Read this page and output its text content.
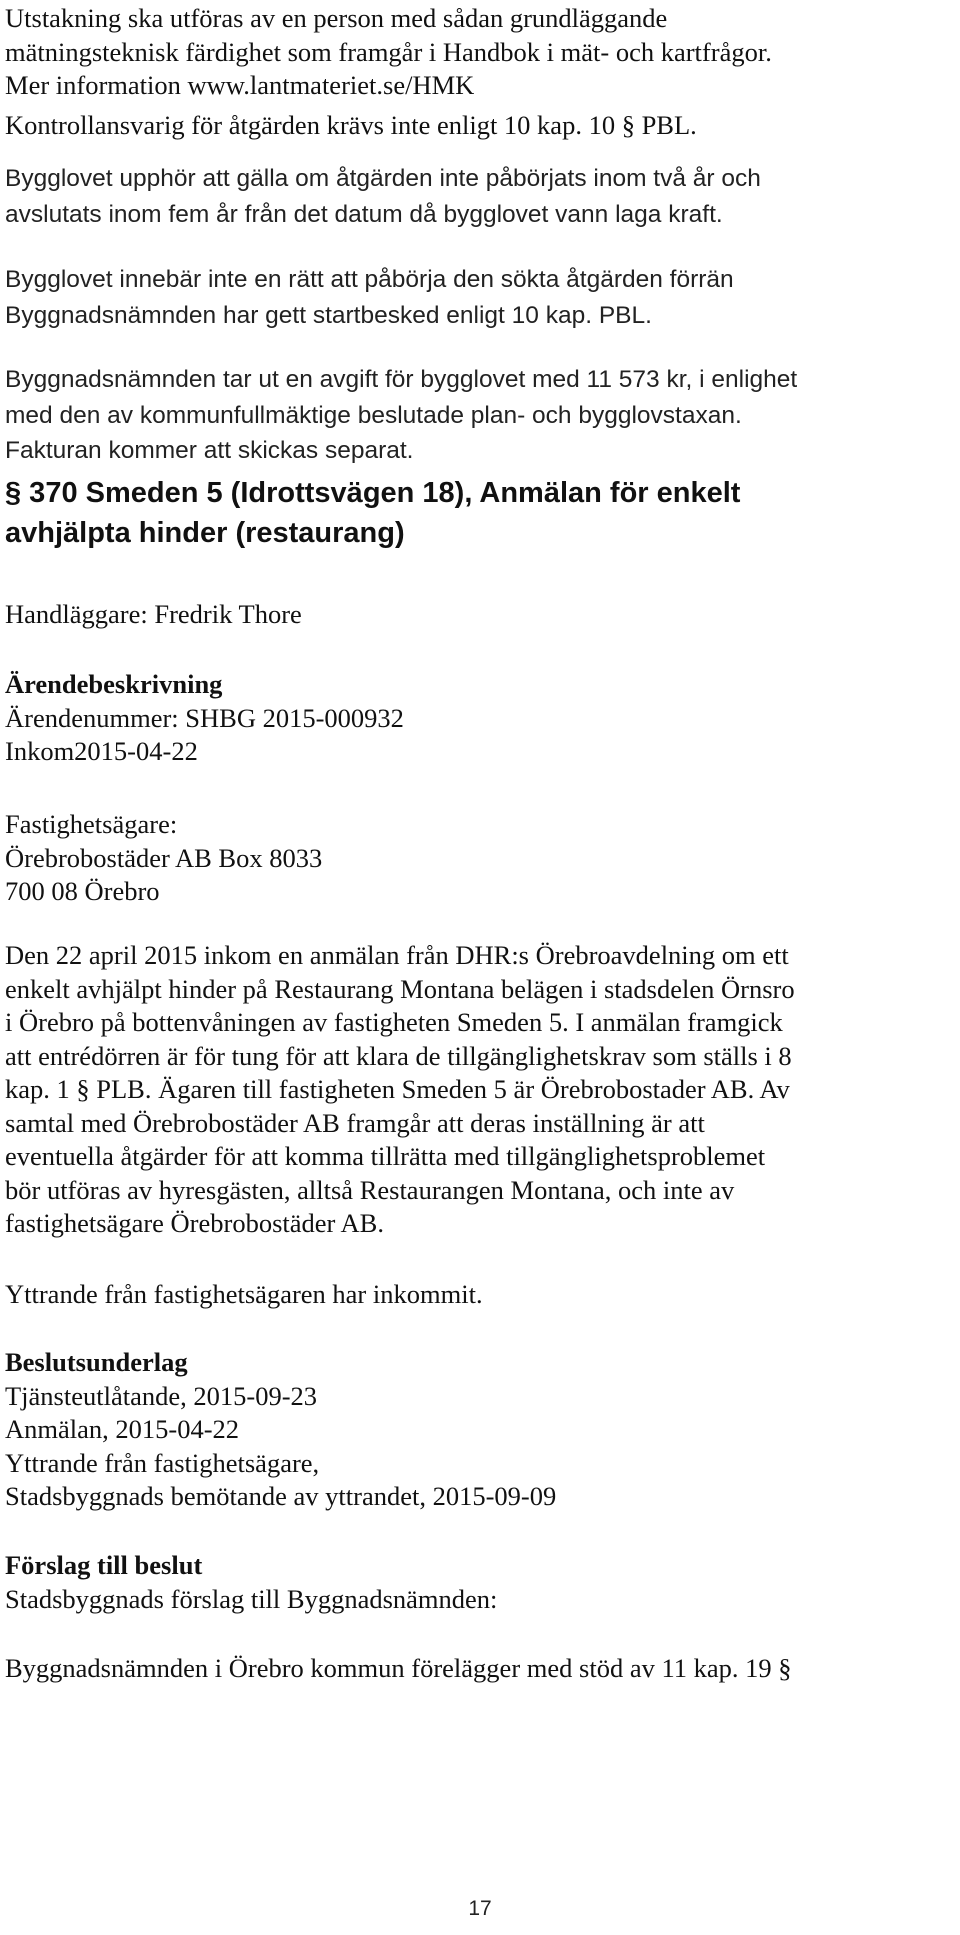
Utstakning ska utföras av en person med sådan grundläggande
mätningsteknisk färdighet som framgår i Handbok i mät- och kartfrågor.
Mer information www.lantmateriet.se/HMK

Kontrollansvarig för åtgärden krävs inte enligt 10 kap. 10 § PBL.

Bygglovet upphör att gälla om åtgärden inte påbörjats inom två år och
avslutats inom fem år från det datum då bygglovet vann laga kraft.

Bygglovet innebär inte en rätt att påbörja den sökta åtgärden förrän
Byggnadsnämnden har gett startbesked enligt 10 kap. PBL.

Byggnadsnämnden tar ut en avgift för bygglovet med 11 573 kr, i enlighet
med den av kommunfullmäktige beslutade plan- och bygglovstaxan.
Fakturan kommer att skickas separat.

§ 370 Smeden 5 (Idrottsvägen 18), Anmälan för enkelt
avhjälpta hinder (restaurang)

Handläggare: Fredrik Thore

Ärendebeskrivning
Ärendenummer: SHBG 2015-000932
Inkom2015-04-22

Fastighetsägare:
Örebrobostäder AB Box 8033
700 08 Örebro

Den 22 april 2015 inkom en anmälan från DHR:s Örebroavdelning om ett
enkelt avhjälpt hinder på Restaurang Montana belägen i stadsdelen Örnsro
i Örebro på bottenvåningen av fastigheten Smeden 5. I anmälan framgick
att entrédörren är för tung för att klara de tillgänglighetskrav som ställs i 8
kap. 1 § PLB. Ägaren till fastigheten Smeden 5 är Örebrobostader AB. Av
samtal med Örebrobostäder AB framgår att deras inställning är att
eventuella åtgärder för att komma tillrätta med tillgänglighetsproblemet
bör utföras av hyresgästen, alltså Restaurangen Montana, och inte av
fastighetsägare Örebrobostäder AB.

Yttrande från fastighetsägaren har inkommit.

Beslutsunderlag
Tjänsteutlåtande, 2015-09-23
Anmälan, 2015-04-22
Yttrande från fastighetsägare,
Stadsbyggnads bemötande av yttrandet, 2015-09-09
Förslag till beslut
Stadsbyggnads förslag till Byggnadsnämnden:

Byggnadsnämnden i Örebro kommun förelägger med stöd av 11 kap. 19 §

17
